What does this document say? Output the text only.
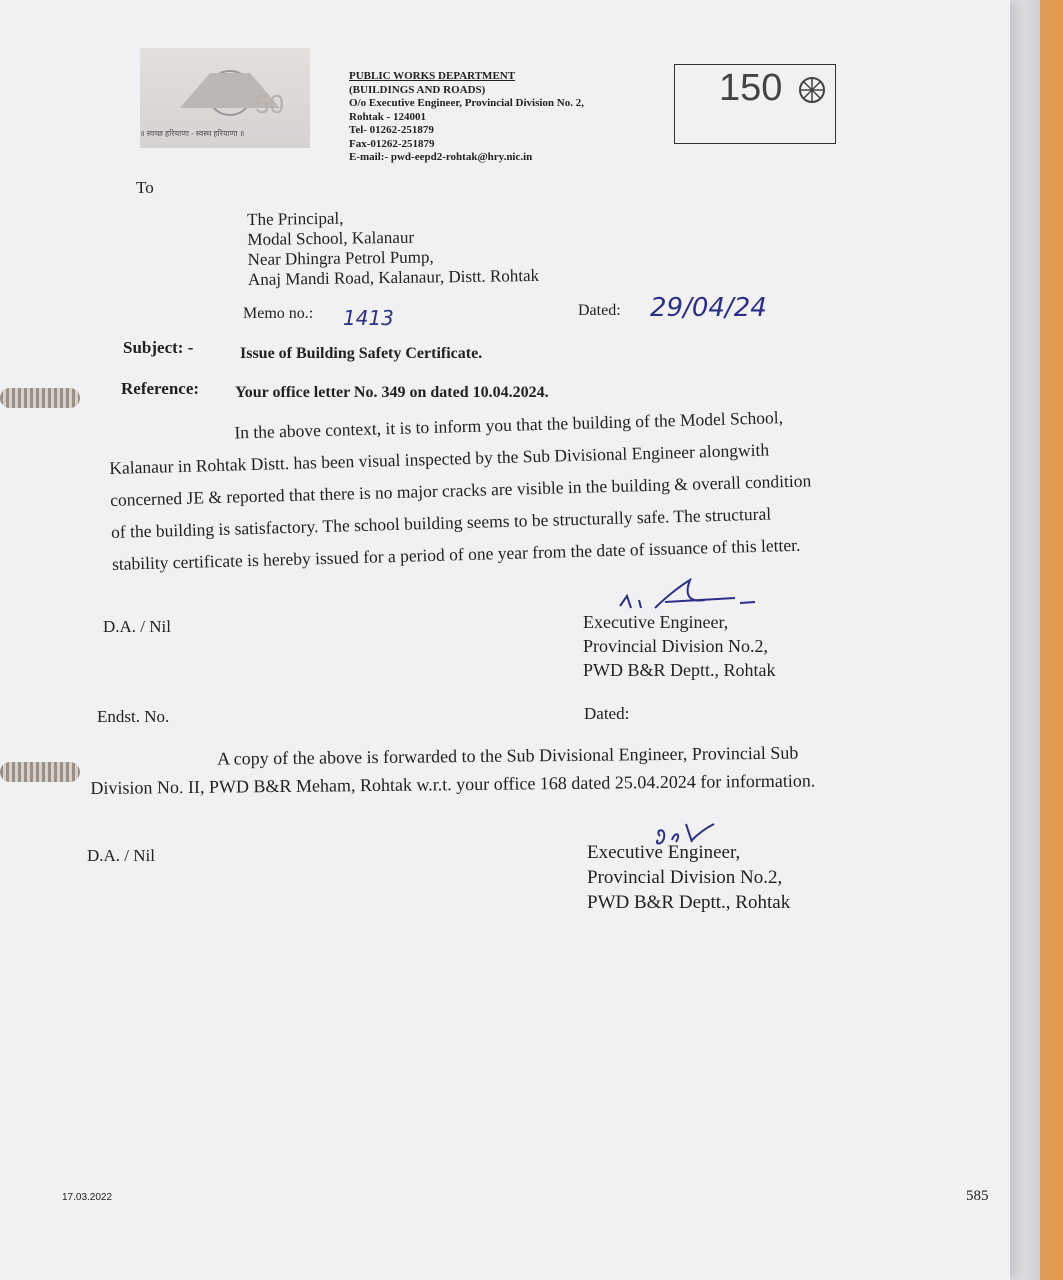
50
॥ स्वच्छ हरियाणा - स्वस्थ हरियाणा ॥
PUBLIC WORKS DEPARTMENT
(BUILDINGS AND ROADS)
O/o Executive Engineer, Provincial Division No. 2,
Rohtak - 124001
Tel- 01262-251879
Fax-01262-251879
E-mail:- pwd-eepd2-rohtak@hry.nic.in
150
To
The Principal,
Modal School, Kalanaur
Near Dhingra Petrol Pump,
Anaj Mandi Road, Kalanaur, Distt. Rohtak
Memo no.: 1413	Dated: 29/04/24
Subject: -	Issue of Building Safety Certificate.
Reference: Your office letter No. 349 on dated 10.04.2024.
In the above context, it is to inform you that the building of the Model School,
Kalanaur in Rohtak Distt. has been visual inspected by the Sub Divisional Engineer alongwith
concerned JE & reported that there is no major cracks are visible in the building & overall condition
of the building is satisfactory. The school building seems to be structurally safe. The structural
stability certificate is hereby issued for a period of one year from the date of issuance of this letter.
D.A. / Nil	Executive Engineer,
Provincial Division No.2,
PWD B&R Deptt., Rohtak
Endst. No.	Dated:
A copy of the above is forwarded to the Sub Divisional Engineer, Provincial Sub
Division No. II, PWD B&R Meham, Rohtak w.r.t. your office 168 dated 25.04.2024 for information.
D.A. / Nil	Executive Engineer,
Provincial Division No.2,
PWD B&R Deptt., Rohtak
17.03.2022	585
